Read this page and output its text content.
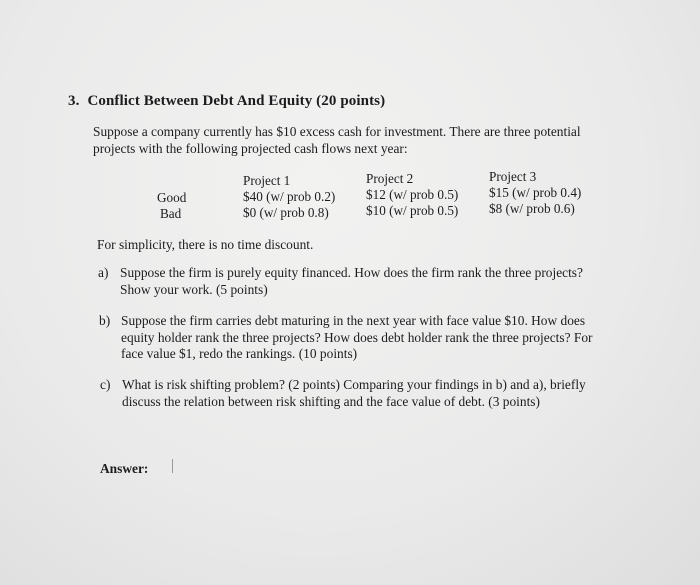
3. Conflict Between Debt And Equity (20 points)
Suppose a company currently has $10 excess cash for investment. There are three potential projects with the following projected cash flows next year:
Good
Bad
Project 1
$40 (w/ prob 0.2)
$0 (w/ prob 0.8)
Project 2
$12 (w/ prob 0.5)
$10 (w/ prob 0.5)
Project 3
$15 (w/ prob 0.4)
$8 (w/ prob 0.6)
For simplicity, there is no time discount.
a) Suppose the firm is purely equity financed. How does the firm rank the three projects? Show your work. (5 points)
b) Suppose the firm carries debt maturing in the next year with face value $10. How does equity holder rank the three projects? How does debt holder rank the three projects? For face value $1, redo the rankings. (10 points)
c) What is risk shifting problem? (2 points) Comparing your findings in b) and a), briefly discuss the relation between risk shifting and the face value of debt. (3 points)
Answer:
